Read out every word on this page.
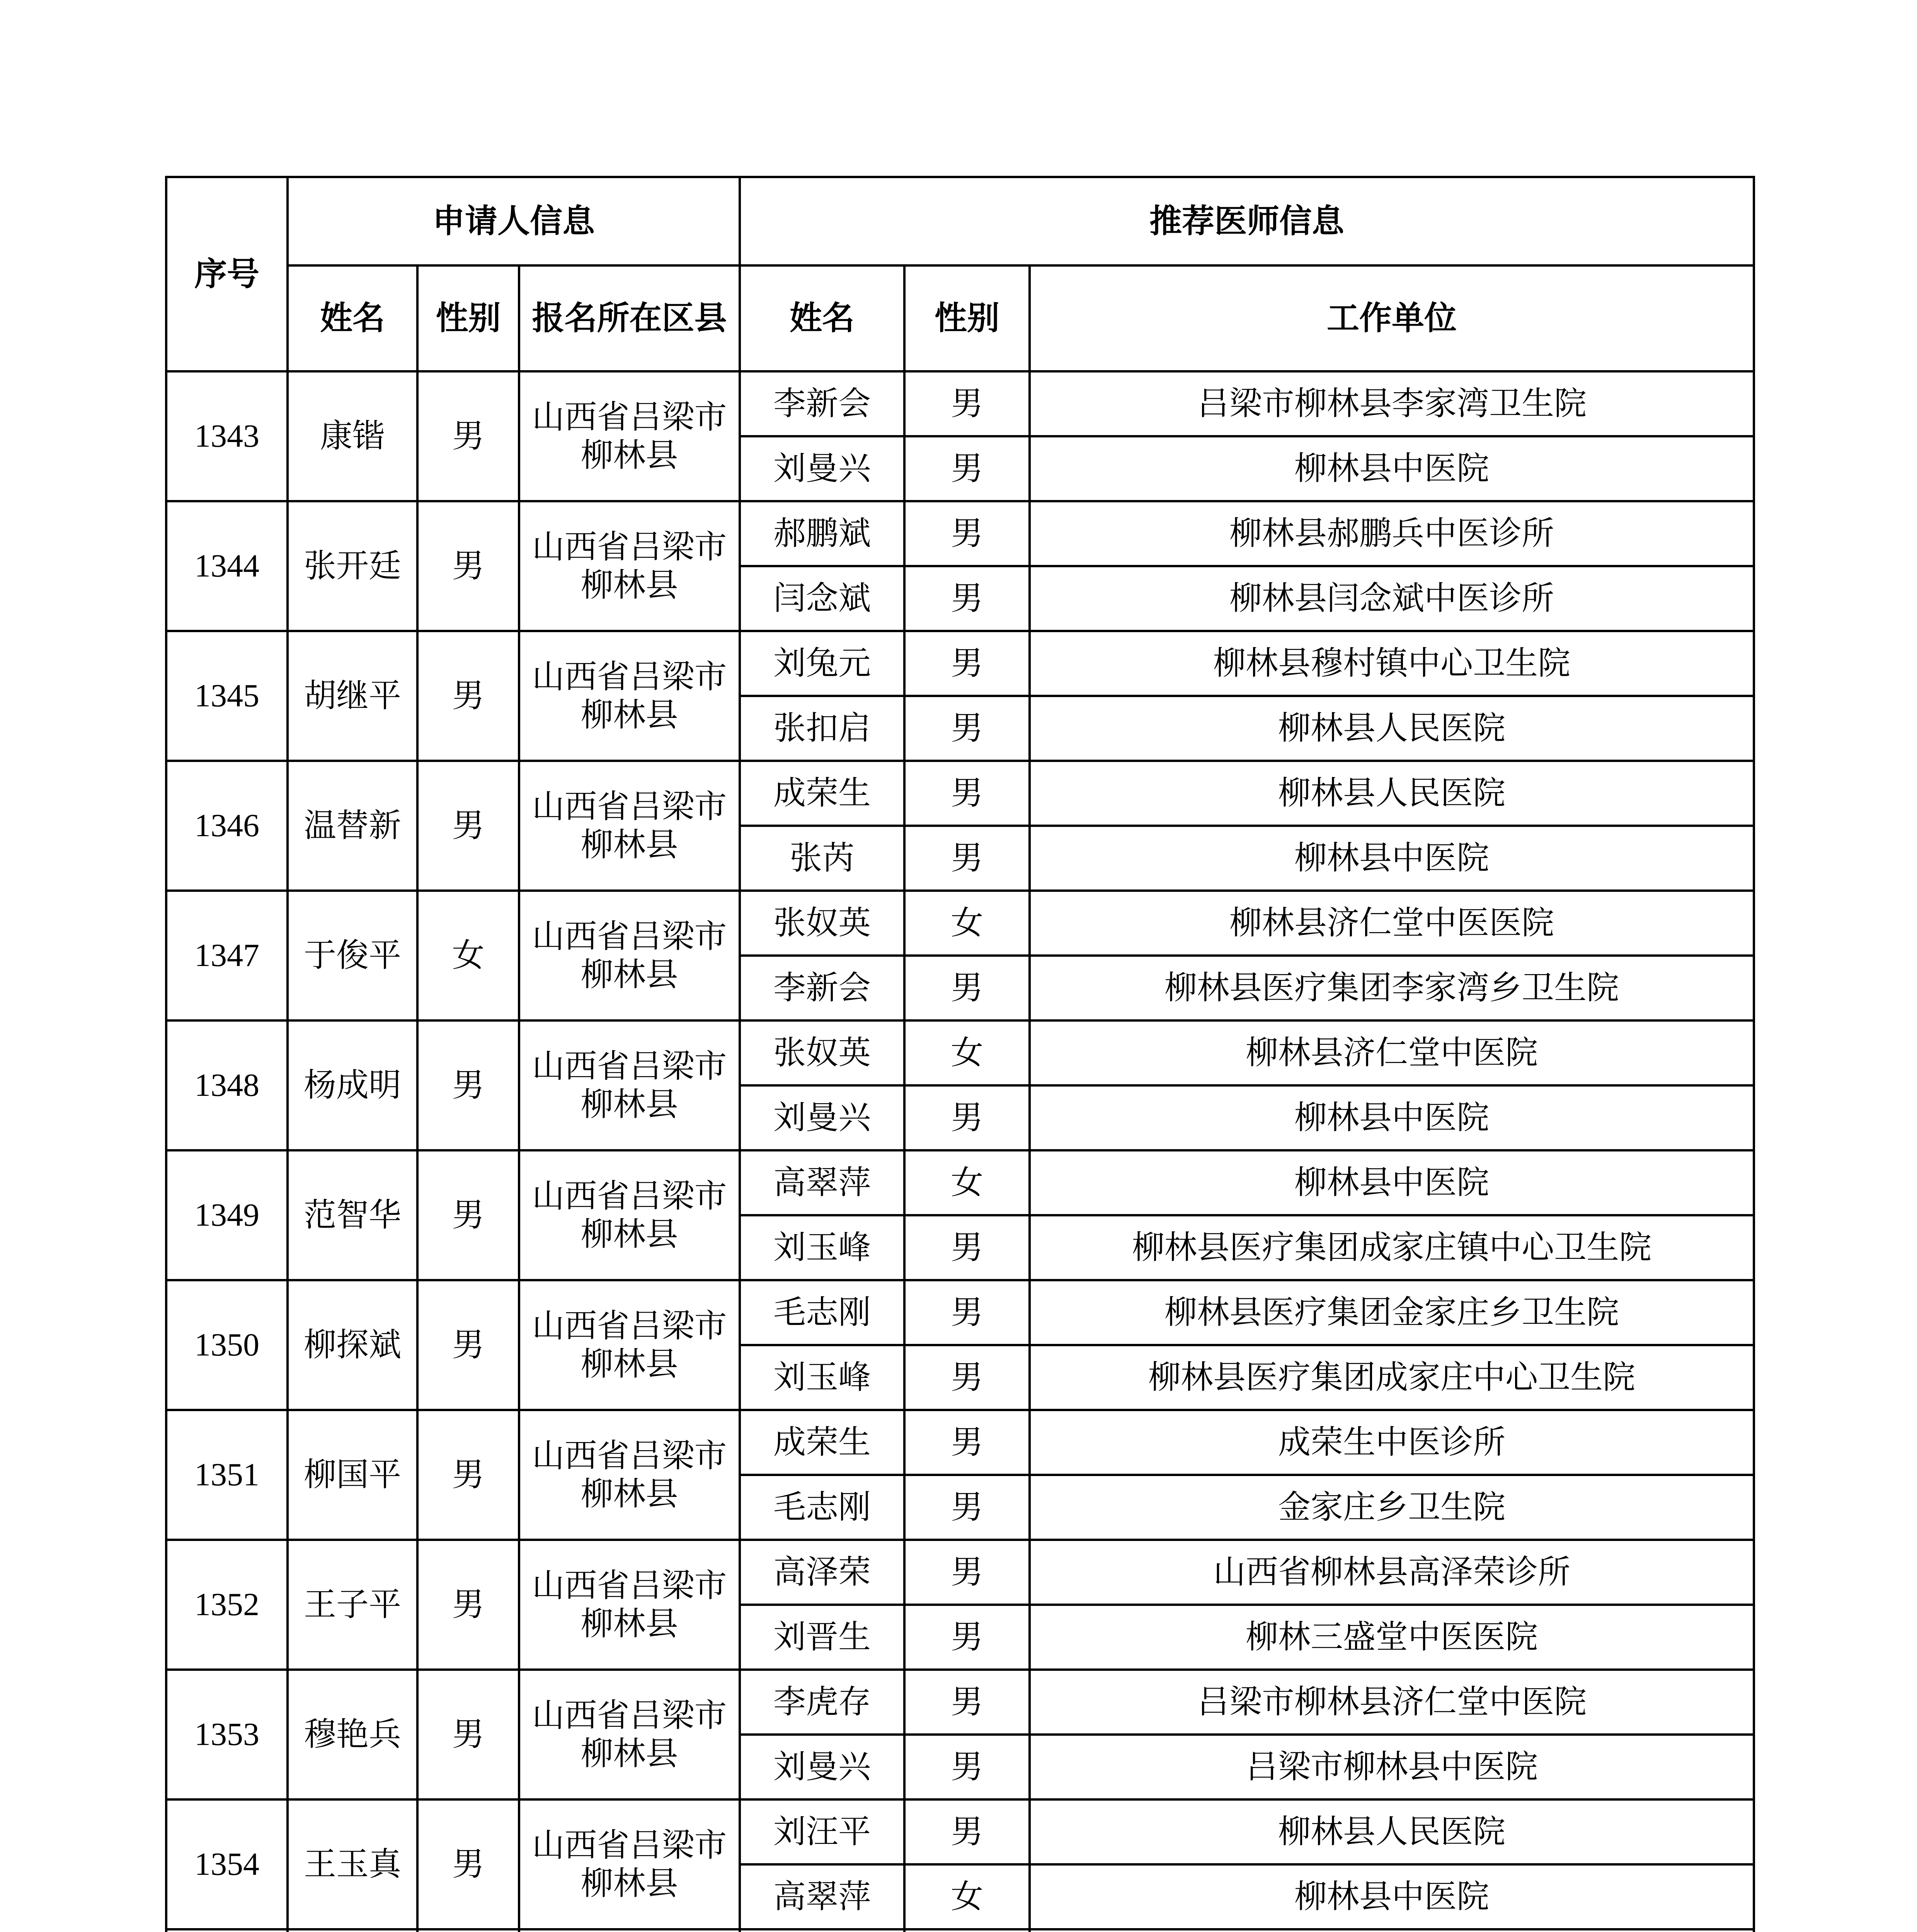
序号	申请人信息			推荐医师信息		
	姓名	性别	报名所在区县	姓名	性别	工作单位
1343	康锴	男	山西省吕梁市柳林县	李新会	男	吕梁市柳林县李家湾卫生院
				刘曼兴	男	柳林县中医院
1344	张开廷	男	山西省吕梁市柳林县	郝鹏斌	男	柳林县郝鹏兵中医诊所
				闫念斌	男	柳林县闫念斌中医诊所
1345	胡继平	男	山西省吕梁市柳林县	刘兔元	男	柳林县穆村镇中心卫生院
				张扣启	男	柳林县人民医院
1346	温替新	男	山西省吕梁市柳林县	成荣生	男	柳林县人民医院
				张芮	男	柳林县中医院
1347	于俊平	女	山西省吕梁市柳林县	张奴英	女	柳林县济仁堂中医医院
				李新会	男	柳林县医疗集团李家湾乡卫生院
1348	杨成明	男	山西省吕梁市柳林县	张奴英	女	柳林县济仁堂中医院
				刘曼兴	男	柳林县中医院
1349	范智华	男	山西省吕梁市柳林县	高翠萍	女	柳林县中医院
				刘玉峰	男	柳林县医疗集团成家庄镇中心卫生院
1350	柳探斌	男	山西省吕梁市柳林县	毛志刚	男	柳林县医疗集团金家庄乡卫生院
				刘玉峰	男	柳林县医疗集团成家庄中心卫生院
1351	柳国平	男	山西省吕梁市柳林县	成荣生	男	成荣生中医诊所
				毛志刚	男	金家庄乡卫生院
1352	王子平	男	山西省吕梁市柳林县	高泽荣	男	山西省柳林县高泽荣诊所
				刘晋生	男	柳林三盛堂中医医院
1353	穆艳兵	男	山西省吕梁市柳林县	李虎存	男	吕梁市柳林县济仁堂中医院
				刘曼兴	男	吕梁市柳林县中医院
1354	王玉真	男	山西省吕梁市柳林县	刘汪平	男	柳林县人民医院
				高翠萍	女	柳林县中医院
